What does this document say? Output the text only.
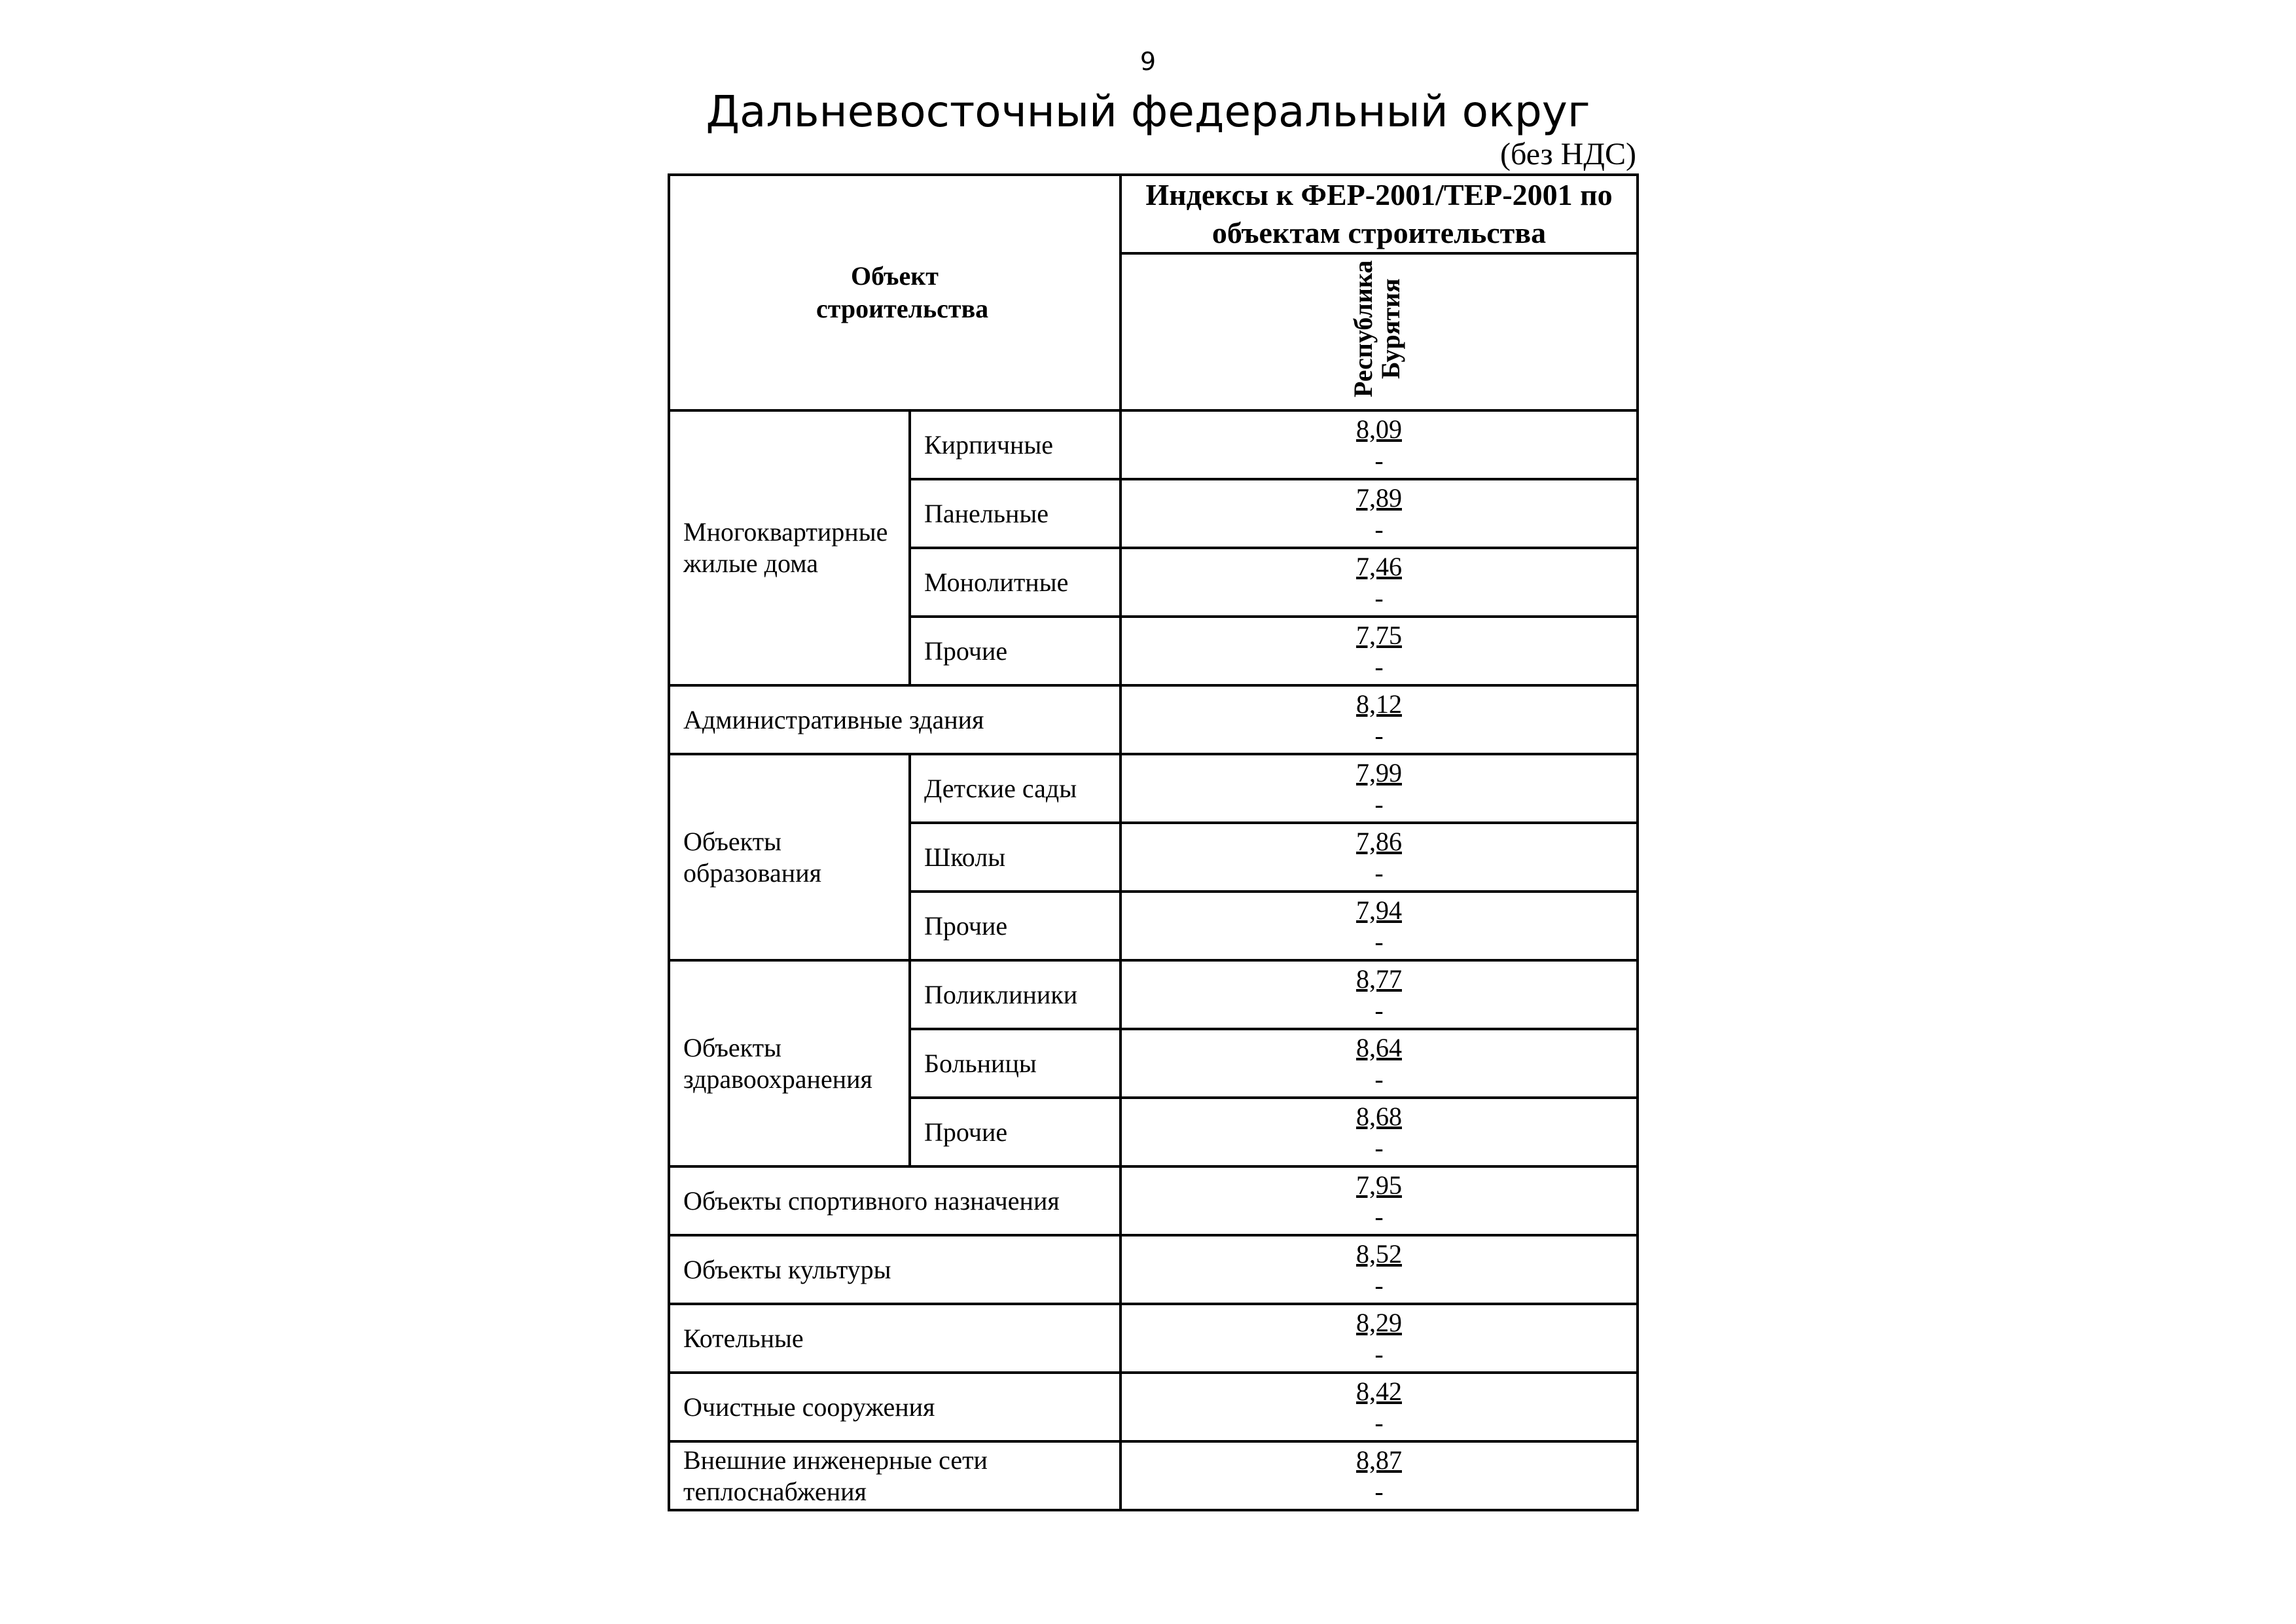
9
Дальневосточный федеральный округ
(без НДС)
Объект строительства		Индексы к ФЕР-2001/ТЕР-2001 по объектам строительства

		Республика Бурятия

Многоквартирные жилые дома	Кирпичные	8,09
-

	Панельные	7,89
-

	Монолитные	7,46
-

	Прочие	7,75
-

Административные здания		8,12
-

Объекты образования	Детские сады	7,99
-

	Школы	7,86
-

	Прочие	7,94
-

Объекты здравоохранения	Поликлиники	8,77
-

	Больницы	8,64
-

	Прочие	8,68
-

Объекты спортивного назначения		7,95
-

Объекты культуры		8,52
-

Котельные		8,29
-

Очистные сооружения		8,42
-

Внешние инженерные сети теплоснабжения		8,87
-
